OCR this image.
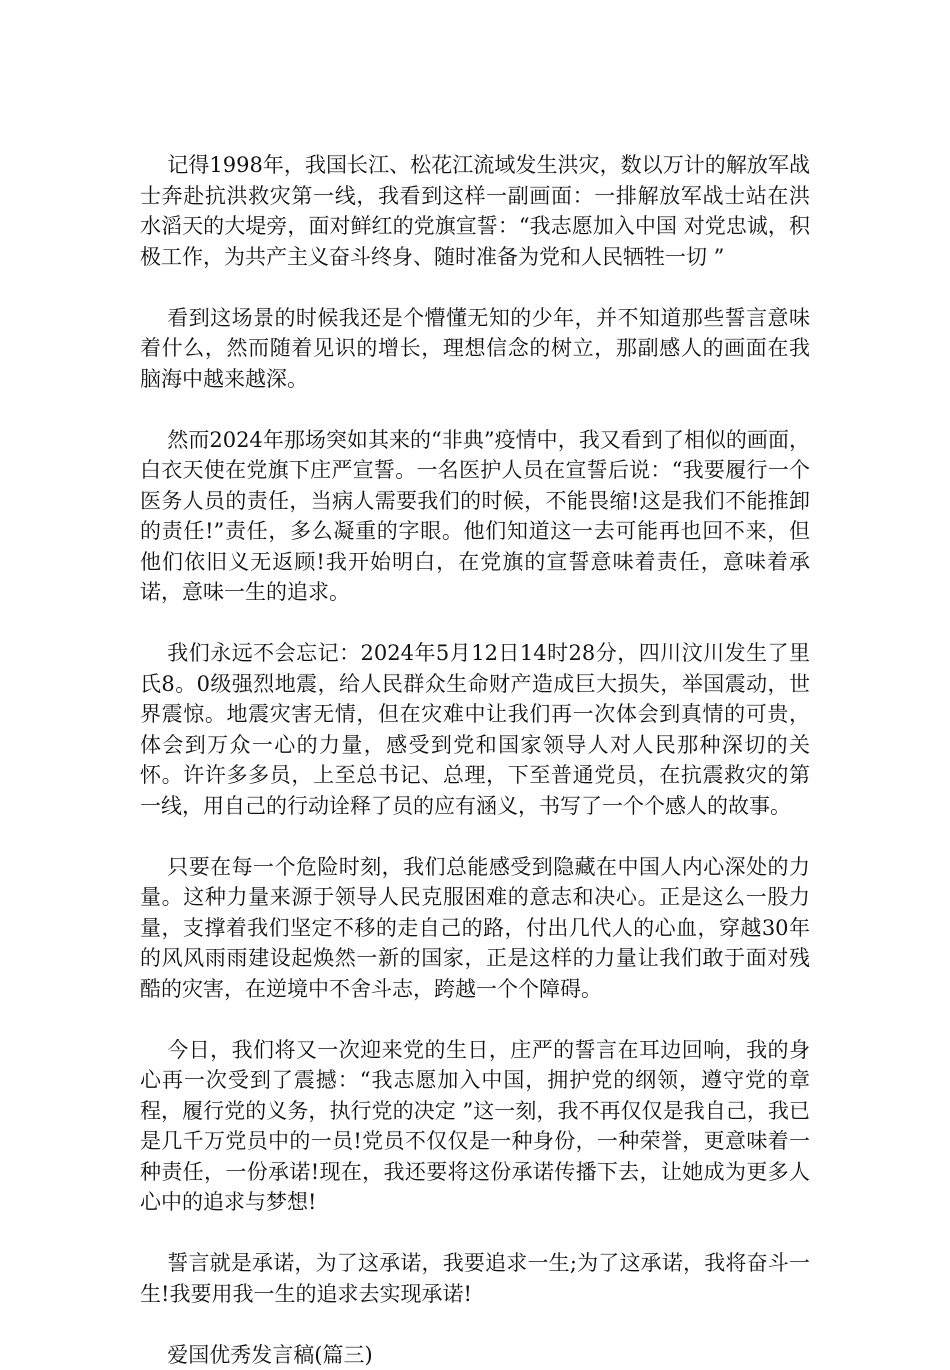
记得1998年，我国长江、松花江流域发生洪灾，数以万计的解放军战士奔赴抗洪救灾第一线，我看到这样一副画面：一排解放军战士站在洪水滔天的大堤旁，面对鲜红的党旗宣誓：“我志愿加入中国 对党忠诚，积极工作，为共产主义奋斗终身、随时准备为党和人民牺牲一切 ”

看到这场景的时候我还是个懵懂无知的少年，并不知道那些誓言意味着什么，然而随着见识的增长，理想信念的树立，那副感人的画面在我脑海中越来越深。

然而2024年那场突如其来的“非典”疫情中，我又看到了相似的画面，白衣天使在党旗下庄严宣誓。一名医护人员在宣誓后说：“我要履行一个医务人员的责任，当病人需要我们的时候，不能畏缩!这是我们不能推卸的责任!”责任，多么凝重的字眼。他们知道这一去可能再也回不来，但他们依旧义无返顾!我开始明白，在党旗的宣誓意味着责任，意味着承诺，意味一生的追求。

我们永远不会忘记：2024年5月12日14时28分，四川汶川发生了里氏8。0级强烈地震，给人民群众生命财产造成巨大损失，举国震动，世界震惊。地震灾害无情，但在灾难中让我们再一次体会到真情的可贵，体会到万众一心的力量，感受到党和国家领导人对人民那种深切的关怀。许许多多员，上至总书记、总理，下至普通党员，在抗震救灾的第一线，用自己的行动诠释了员的应有涵义，书写了一个个感人的故事。

只要在每一个危险时刻，我们总能感受到隐藏在中国人内心深处的力量。这种力量来源于领导人民克服困难的意志和决心。正是这么一股力量，支撑着我们坚定不移的走自己的路，付出几代人的心血，穿越30年的风风雨雨建设起焕然一新的国家，正是这样的力量让我们敢于面对残酷的灾害，在逆境中不舍斗志，跨越一个个障碍。

今日，我们将又一次迎来党的生日，庄严的誓言在耳边回响，我的身心再一次受到了震撼：“我志愿加入中国，拥护党的纲领，遵守党的章程，履行党的义务，执行党的决定 ”这一刻，我不再仅仅是我自己，我已是几千万党员中的一员!党员不仅仅是一种身份，一种荣誉，更意味着一种责任，一份承诺!现在，我还要将这份承诺传播下去，让她成为更多人心中的追求与梦想!

誓言就是承诺，为了这承诺，我要追求一生;为了这承诺，我将奋斗一生!我要用我一生的追求去实现承诺!

爱国优秀发言稿(篇三)
